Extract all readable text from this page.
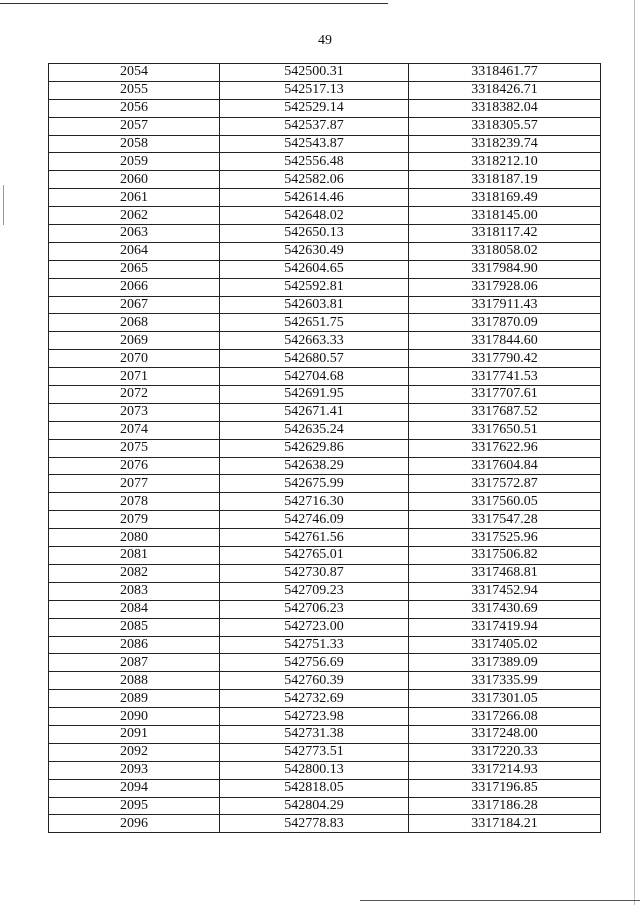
49
2054	542500.31	3318461.77
2055	542517.13	3318426.71
2056	542529.14	3318382.04
2057	542537.87	3318305.57
2058	542543.87	3318239.74
2059	542556.48	3318212.10
2060	542582.06	3318187.19
2061	542614.46	3318169.49
2062	542648.02	3318145.00
2063	542650.13	3318117.42
2064	542630.49	3318058.02
2065	542604.65	3317984.90
2066	542592.81	3317928.06
2067	542603.81	3317911.43
2068	542651.75	3317870.09
2069	542663.33	3317844.60
2070	542680.57	3317790.42
2071	542704.68	3317741.53
2072	542691.95	3317707.61
2073	542671.41	3317687.52
2074	542635.24	3317650.51
2075	542629.86	3317622.96
2076	542638.29	3317604.84
2077	542675.99	3317572.87
2078	542716.30	3317560.05
2079	542746.09	3317547.28
2080	542761.56	3317525.96
2081	542765.01	3317506.82
2082	542730.87	3317468.81
2083	542709.23	3317452.94
2084	542706.23	3317430.69
2085	542723.00	3317419.94
2086	542751.33	3317405.02
2087	542756.69	3317389.09
2088	542760.39	3317335.99
2089	542732.69	3317301.05
2090	542723.98	3317266.08
2091	542731.38	3317248.00
2092	542773.51	3317220.33
2093	542800.13	3317214.93
2094	542818.05	3317196.85
2095	542804.29	3317186.28
2096	542778.83	3317184.21
